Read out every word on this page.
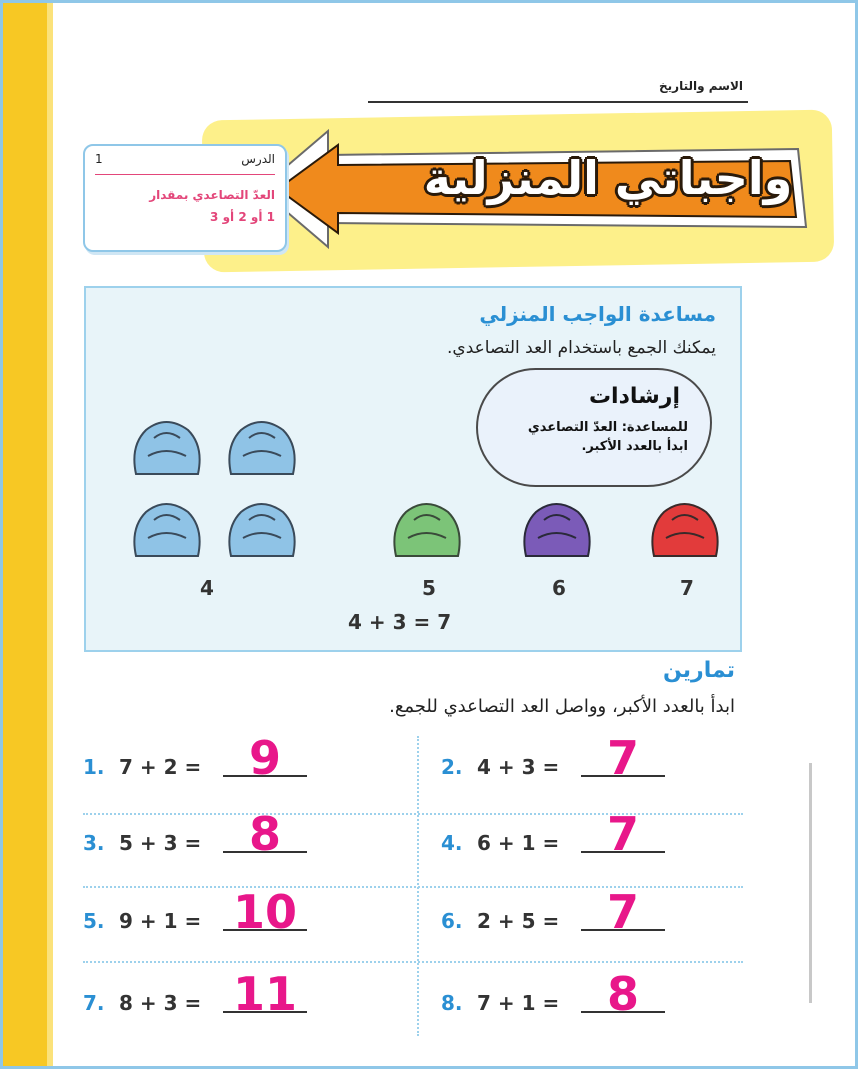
الاسم والتاريخ
واجباتي المنزلية
الدرس
1
العدّ التصاعدي بمقدار
1 أو 2 أو 3
مساعدة الواجب المنزلي
يمكنك الجمع باستخدام العد التصاعدي.
إرشادات
للمساعدة: العدّ التصاعدي
ابدأ بالعدد الأكبر.
4	5	6	7
4 + 3 = 7
تمارين
ابدأ بالعدد الأكبر، وواصل العد التصاعدي للجمع.
1. 7 + 2 =	9	2. 4 + 3 =	7
3. 5 + 3 =	8	4. 6 + 1 =	7
5. 9 + 1 = 10	6. 2 + 5 =	7
7. 8 + 3 = 11	8. 7 + 1 =	8
